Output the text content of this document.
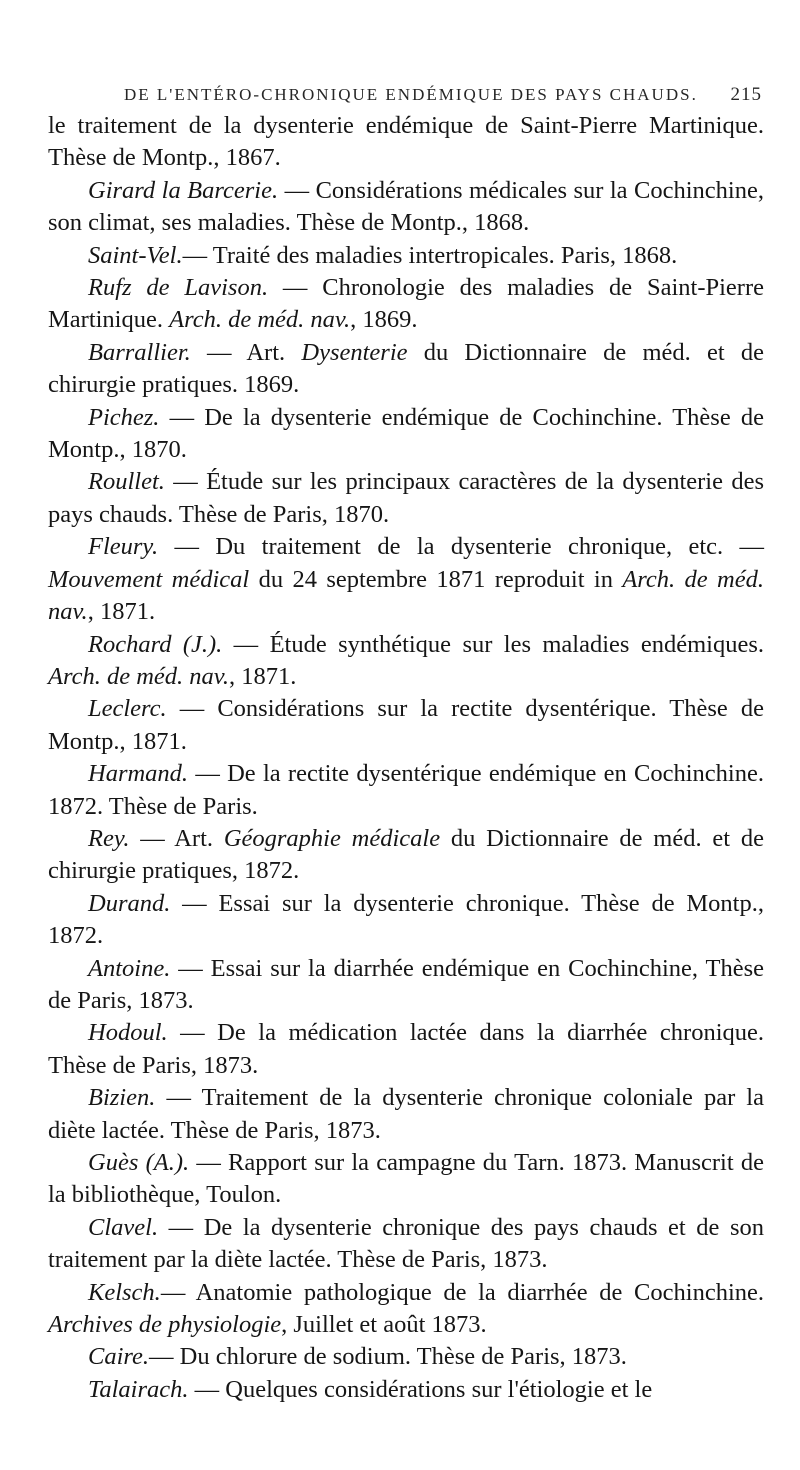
DE L'ENTÉRO-CHRONIQUE ENDÉMIQUE DES PAYS CHAUDS. 215

le traitement de la dysenterie endémique de Saint-Pierre Martinique. Thèse de Montp., 1867.

Girard la Barcerie. — Considérations médicales sur la Cochinchine, son climat, ses maladies. Thèse de Montp., 1868.

Saint-Vel.— Traité des maladies intertropicales. Paris, 1868.

Rufz de Lavison. — Chronologie des maladies de Saint-Pierre Martinique. Arch. de méd. nav., 1869.

Barrallier. — Art. Dysenterie du Dictionnaire de méd. et de chirurgie pratiques. 1869.

Pichez. — De la dysenterie endémique de Cochinchine. Thèse de Montp., 1870.

Roullet. — Étude sur les principaux caractères de la dysenterie des pays chauds. Thèse de Paris, 1870.

Fleury. — Du traitement de la dysenterie chronique, etc. — Mouvement médical du 24 septembre 1871 reproduit in Arch. de méd. nav., 1871.

Rochard (J.). — Étude synthétique sur les maladies endémiques. Arch. de méd. nav., 1871.

Leclerc. — Considérations sur la rectite dysentérique. Thèse de Montp., 1871.

Harmand. — De la rectite dysentérique endémique en Cochinchine. 1872. Thèse de Paris.

Rey. — Art. Géographie médicale du Dictionnaire de méd. et de chirurgie pratiques, 1872.

Durand. — Essai sur la dysenterie chronique. Thèse de Montp., 1872.

Antoine. — Essai sur la diarrhée endémique en Cochinchine, Thèse de Paris, 1873.

Hodoul. — De la médication lactée dans la diarrhée chronique. Thèse de Paris, 1873.

Bizien. — Traitement de la dysenterie chronique coloniale par la diète lactée. Thèse de Paris, 1873.

Guès (A.). — Rapport sur la campagne du Tarn. 1873. Manuscrit de la bibliothèque, Toulon.

Clavel. — De la dysenterie chronique des pays chauds et de son traitement par la diète lactée. Thèse de Paris, 1873.

Kelsch.— Anatomie pathologique de la diarrhée de Cochinchine. Archives de physiologie, Juillet et août 1873.

Caire.— Du chlorure de sodium. Thèse de Paris, 1873.

Talairach. — Quelques considérations sur l'étiologie et le
